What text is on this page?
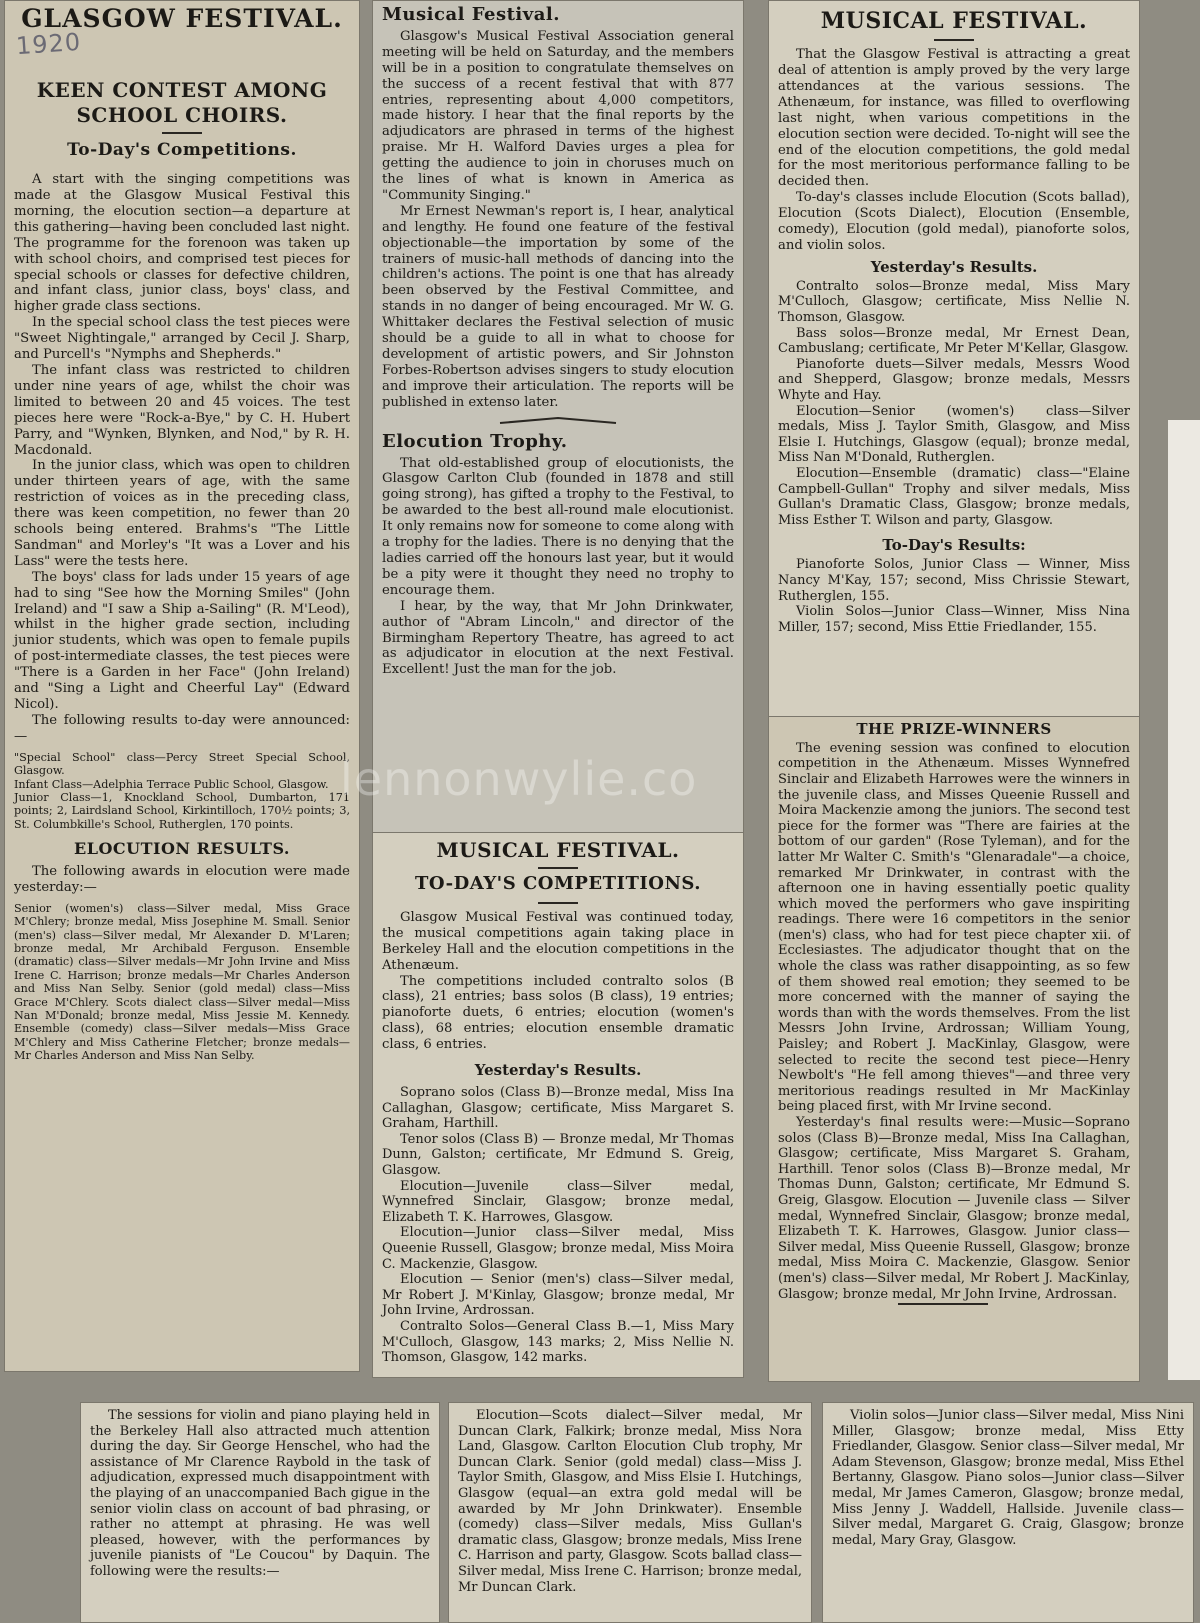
GLASGOW FESTIVAL.
KEEN CONTEST AMONG
SCHOOL CHOIRS.
To-Day's Competitions.

A start with the singing competitions was made at the Glasgow Musical Festival this morning, the elocution section—a departure at this gathering—having been concluded last night. The programme for the forenoon was taken up with school choirs, and comprised test pieces for special schools or classes for defective children, and infant class, junior class, boys' class, and higher grade class sections.

In the special school class the test pieces were "Sweet Nightingale," arranged by Cecil J. Sharp, and Purcell's "Nymphs and Shepherds."

The infant class was restricted to children under nine years of age, whilst the choir was limited to between 20 and 45 voices. The test pieces here were "Rock-a-Bye," by C. H. Hubert Parry, and "Wynken, Blynken, and Nod," by R. H. Macdonald.

In the junior class, which was open to children under thirteen years of age, with the same restriction of voices as in the preceding class, there was keen competition, no fewer than 20 schools being entered. Brahms's "The Little Sandman" and Morley's "It was a Lover and his Lass" were the tests here.

The boys' class for lads under 15 years of age had to sing "See how the Morning Smiles" (John Ireland) and "I saw a Ship a-Sailing" (R. M'Leod), whilst in the higher grade section, including junior students, which was open to female pupils of post-intermediate classes, the test pieces were "There is a Garden in her Face" (John Ireland) and "Sing a Light and Cheerful Lay" (Edward Nicol).

The following results to-day were announced:—

"Special School" class—Percy Street Special School, Glasgow.

Infant Class—Adelphia Terrace Public School, Glasgow.

Junior Class—1, Knockland School, Dumbarton, 171 points; 2, Lairdsland School, Kirkintilloch, 170½ points; 3, St. Columbkille's School, Rutherglen, 170 points.

ELOCUTION RESULTS.

The following awards in elocution were made yesterday:—

Senior (women's) class—Silver medal, Miss Grace M'Chlery; bronze medal, Miss Josephine M. Small. Senior (men's) class—Silver medal, Mr Alexander D. M'Laren; bronze medal, Mr Archibald Ferguson. Ensemble (dramatic) class—Silver medals—Mr John Irvine and Miss Irene C. Harrison; bronze medals—Mr Charles Anderson and Miss Nan Selby. Senior (gold medal) class—Miss Grace M'Chlery. Scots dialect class—Silver medal—Miss Nan M'Donald; bronze medal, Miss Jessie M. Kennedy. Ensemble (comedy) class—Silver medals—Miss Grace M'Chlery and Miss Catherine Fletcher; bronze medals—Mr Charles Anderson and Miss Nan Selby.

1920
Musical Festival.

Glasgow's Musical Festival Association general meeting will be held on Saturday, and the members will be in a position to congratulate themselves on the success of a recent festival that with 877 entries, representing about 4,000 competitors, made history. I hear that the final reports by the adjudicators are phrased in terms of the highest praise. Mr H. Walford Davies urges a plea for getting the audience to join in choruses much on the lines of what is known in America as "Community Singing."

Mr Ernest Newman's report is, I hear, analytical and lengthy. He found one feature of the festival objectionable—the importation by some of the trainers of music-hall methods of dancing into the children's actions. The point is one that has already been observed by the Festival Committee, and stands in no danger of being encouraged. Mr W. G. Whittaker declares the Festival selection of music should be a guide to all in what to choose for development of artistic powers, and Sir Johnston Forbes-Robertson advises singers to study elocution and improve their articulation. The reports will be published in extenso later.

Elocution Trophy.

That old-established group of elocutionists, the Glasgow Carlton Club (founded in 1878 and still going strong), has gifted a trophy to the Festival, to be awarded to the best all-round male elocutionist. It only remains now for someone to come along with a trophy for the ladies. There is no denying that the ladies carried off the honours last year, but it would be a pity were it thought they need no trophy to encourage them.

I hear, by the way, that Mr John Drinkwater, author of "Abram Lincoln," and director of the Birmingham Repertory Theatre, has agreed to act as adjudicator in elocution at the next Festival. Excellent! Just the man for the job.

MUSICAL FESTIVAL.
TO-DAY'S COMPETITIONS.

Glasgow Musical Festival was continued today, the musical competitions again taking place in Berkeley Hall and the elocution competitions in the Athenæum.

The competitions included contralto solos (B class), 21 entries; bass solos (B class), 19 entries; pianoforte duets, 6 entries; elocution (women's class), 68 entries; elocution ensemble dramatic class, 6 entries.

Yesterday's Results.

Soprano solos (Class B)—Bronze medal, Miss Ina Callaghan, Glasgow; certificate, Miss Margaret S. Graham, Harthill.

Tenor solos (Class B) — Bronze medal, Mr Thomas Dunn, Galston; certificate, Mr Edmund S. Greig, Glasgow.

Elocution—Juvenile class—Silver medal, Wynnefred Sinclair, Glasgow; bronze medal, Elizabeth T. K. Harrowes, Glasgow.

Elocution—Junior class—Silver medal, Miss Queenie Russell, Glasgow; bronze medal, Miss Moira C. Mackenzie, Glasgow.

Elocution — Senior (men's) class—Silver medal, Mr Robert J. M'Kinlay, Glasgow; bronze medal, Mr John Irvine, Ardrossan.

Contralto Solos—General Class B.—1, Miss Mary M'Culloch, Glasgow, 143 marks; 2, Miss Nellie N. Thomson, Glasgow, 142 marks.

MUSICAL FESTIVAL.

That the Glasgow Festival is attracting a great deal of attention is amply proved by the very large attendances at the various sessions. The Athenæum, for instance, was filled to overflowing last night, when various competitions in the elocution section were decided. To-night will see the end of the elocution competitions, the gold medal for the most meritorious performance falling to be decided then.

To-day's classes include Elocution (Scots ballad), Elocution (Scots Dialect), Elocution (Ensemble, comedy), Elocution (gold medal), pianoforte solos, and violin solos.

Yesterday's Results.

Contralto solos—Bronze medal, Miss Mary M'Culloch, Glasgow; certificate, Miss Nellie N. Thomson, Glasgow.

Bass solos—Bronze medal, Mr Ernest Dean, Cambuslang; certificate, Mr Peter M'Kellar, Glasgow.

Pianoforte duets—Silver medals, Messrs Wood and Shepperd, Glasgow; bronze medals, Messrs Whyte and Hay.

Elocution—Senior (women's) class—Silver medals, Miss J. Taylor Smith, Glasgow, and Miss Elsie I. Hutchings, Glasgow (equal); bronze medal, Miss Nan M'Donald, Rutherglen.

Elocution—Ensemble (dramatic) class—"Elaine Campbell-Gullan" Trophy and silver medals, Miss Gullan's Dramatic Class, Glasgow; bronze medals, Miss Esther T. Wilson and party, Glasgow.

To-Day's Results:

Pianoforte Solos, Junior Class — Winner, Miss Nancy M'Kay, 157; second, Miss Chrissie Stewart, Rutherglen, 155.

Violin Solos—Junior Class—Winner, Miss Nina Miller, 157; second, Miss Ettie Friedlander, 155.

THE PRIZE-WINNERS

The evening session was confined to elocution competition in the Athenæum. Misses Wynnefred Sinclair and Elizabeth Harrowes were the winners in the juvenile class, and Misses Queenie Russell and Moira Mackenzie among the juniors. The second test piece for the former was "There are fairies at the bottom of our garden" (Rose Tyleman), and for the latter Mr Walter C. Smith's "Glenaradale"—a choice, remarked Mr Drinkwater, in contrast with the afternoon one in having essentially poetic quality which moved the performers who gave inspiriting readings. There were 16 competitors in the senior (men's) class, who had for test piece chapter xii. of Ecclesiastes. The adjudicator thought that on the whole the class was rather disappointing, as so few of them showed real emotion; they seemed to be more concerned with the manner of saying the words than with the words themselves. From the list Messrs John Irvine, Ardrossan; William Young, Paisley; and Robert J. MacKinlay, Glasgow, were selected to recite the second test piece—Henry Newbolt's "He fell among thieves"—and three very meritorious readings resulted in Mr MacKinlay being placed first, with Mr Irvine second.

Yesterday's final results were:—Music—Soprano solos (Class B)—Bronze medal, Miss Ina Callaghan, Glasgow; certificate, Miss Margaret S. Graham, Harthill. Tenor solos (Class B)—Bronze medal, Mr Thomas Dunn, Galston; certificate, Mr Edmund S. Greig, Glasgow. Elocution — Juvenile class — Silver medal, Wynnefred Sinclair, Glasgow; bronze medal, Elizabeth T. K. Harrowes, Glasgow. Junior class—Silver medal, Miss Queenie Russell, Glasgow; bronze medal, Miss Moira C. Mackenzie, Glasgow. Senior (men's) class—Silver medal, Mr Robert J. MacKinlay, Glasgow; bronze medal, Mr John Irvine, Ardrossan.

The sessions for violin and piano playing held in the Berkeley Hall also attracted much attention during the day. Sir George Henschel, who had the assistance of Mr Clarence Raybold in the task of adjudication, expressed much disappointment with the playing of an unaccompanied Bach gigue in the senior violin class on account of bad phrasing, or rather no attempt at phrasing. He was well pleased, however, with the performances by juvenile pianists of "Le Coucou" by Daquin. The following were the results:—

Elocution—Scots dialect—Silver medal, Mr Duncan Clark, Falkirk; bronze medal, Miss Nora Land, Glasgow. Carlton Elocution Club trophy, Mr Duncan Clark. Senior (gold medal) class—Miss J. Taylor Smith, Glasgow, and Miss Elsie I. Hutchings, Glasgow (equal—an extra gold medal will be awarded by Mr John Drinkwater). Ensemble (comedy) class—Silver medals, Miss Gullan's dramatic class, Glasgow; bronze medals, Miss Irene C. Harrison and party, Glasgow. Scots ballad class—Silver medal, Miss Irene C. Harrison; bronze medal, Mr Duncan Clark.

Violin solos—Junior class—Silver medal, Miss Nini Miller, Glasgow; bronze medal, Miss Etty Friedlander, Glasgow. Senior class—Silver medal, Mr Adam Stevenson, Glasgow; bronze medal, Miss Ethel Bertanny, Glasgow. Piano solos—Junior class—Silver medal, Mr James Cameron, Glasgow; bronze medal, Miss Jenny J. Waddell, Hallside. Juvenile class—Silver medal, Margaret G. Craig, Glasgow; bronze medal, Mary Gray, Glasgow.

lennonwylie.co
